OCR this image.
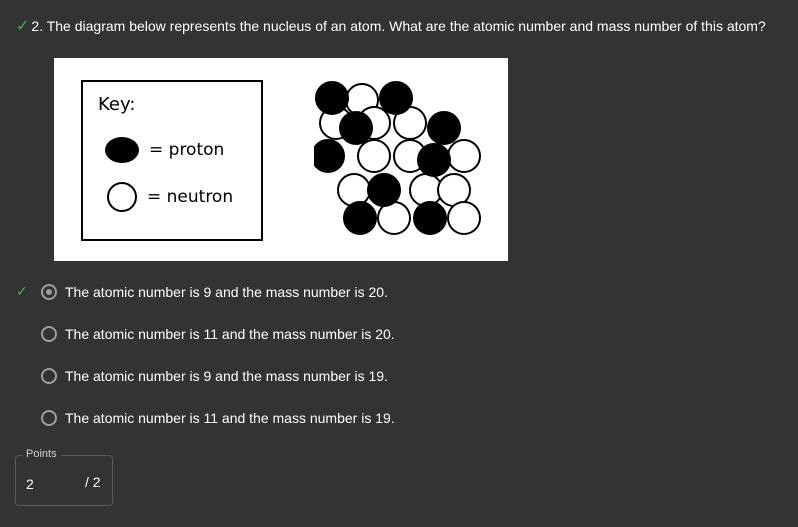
✓ 2. The diagram below represents the nucleus of an atom. What are the atomic number and mass number of this atom?
Key:
= proton
= neutron
✓	The atomic number is 9 and the mass number is 20.
The atomic number is 11 and the mass number is 20.
The atomic number is 9 and the mass number is 19.
The atomic number is 11 and the mass number is 19.
Points
2	/ 2
